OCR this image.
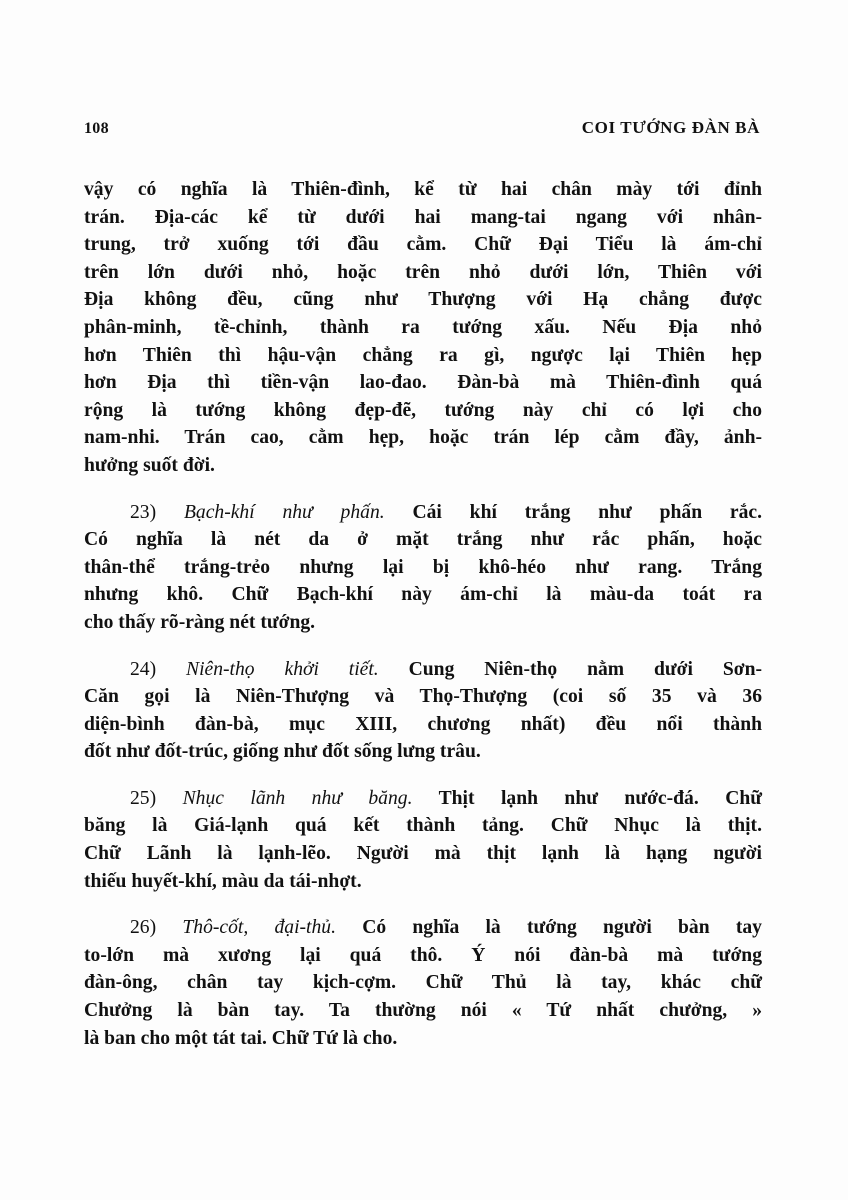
108	COI TƯỚNG ĐÀN BÀ

vậy có nghĩa là Thiên-đình, kể từ hai chân mày tới đỉnh
trán. Địa-các kể từ dưới hai mang-tai ngang với nhân-
trung, trở xuống tới đầu cằm. Chữ Đại Tiểu là ám-chỉ
trên lớn dưới nhỏ, hoặc trên nhỏ dưới lớn, Thiên với
Địa không đều, cũng như Thượng với Hạ chẳng được
phân-minh, tề-chỉnh, thành ra tướng xấu. Nếu Địa nhỏ
hơn Thiên thì hậu-vận chẳng ra gì, ngược lại Thiên hẹp
hơn Địa thì tiền-vận lao-đao. Đàn-bà mà Thiên-đình quá
rộng là tướng không đẹp-đẽ, tướng này chỉ có lợi cho
nam-nhi. Trán cao, cằm hẹp, hoặc trán lép cằm đầy, ảnh-
hưởng suốt đời.

23) Bạch-khí như phấn. Cái khí trắng như phấn rắc.
Có nghĩa là nét da ở mặt trắng như rắc phấn, hoặc
thân-thể trắng-trẻo nhưng lại bị khô-héo như rang. Trắng
nhưng khô. Chữ Bạch-khí này ám-chỉ là màu-da toát ra
cho thấy rõ-ràng nét tướng.

24) Niên-thọ khởi tiết. Cung Niên-thọ nằm dưới Sơn-
Căn gọi là Niên-Thượng và Thọ-Thượng (coi số 35 và 36
diện-bình đàn-bà, mục XIII, chương nhất) đều nổi thành
đốt như đốt-trúc, giống như đốt sống lưng trâu.

25) Nhục lãnh như băng. Thịt lạnh như nước-đá. Chữ
băng là Giá-lạnh quá kết thành tảng. Chữ Nhục là thịt.
Chữ Lãnh là lạnh-lẽo. Người mà thịt lạnh là hạng người
thiếu huyết-khí, màu da tái-nhợt.

26) Thô-cốt, đại-thủ. Có nghĩa là tướng người bàn tay
to-lớn mà xương lại quá thô. Ý nói đàn-bà mà tướng
đàn-ông, chân tay kịch-cợm. Chữ Thủ là tay, khác chữ
Chưởng là bàn tay. Ta thường nói « Tứ nhất chưởng, »
là ban cho một tát tai. Chữ Tứ là cho.
